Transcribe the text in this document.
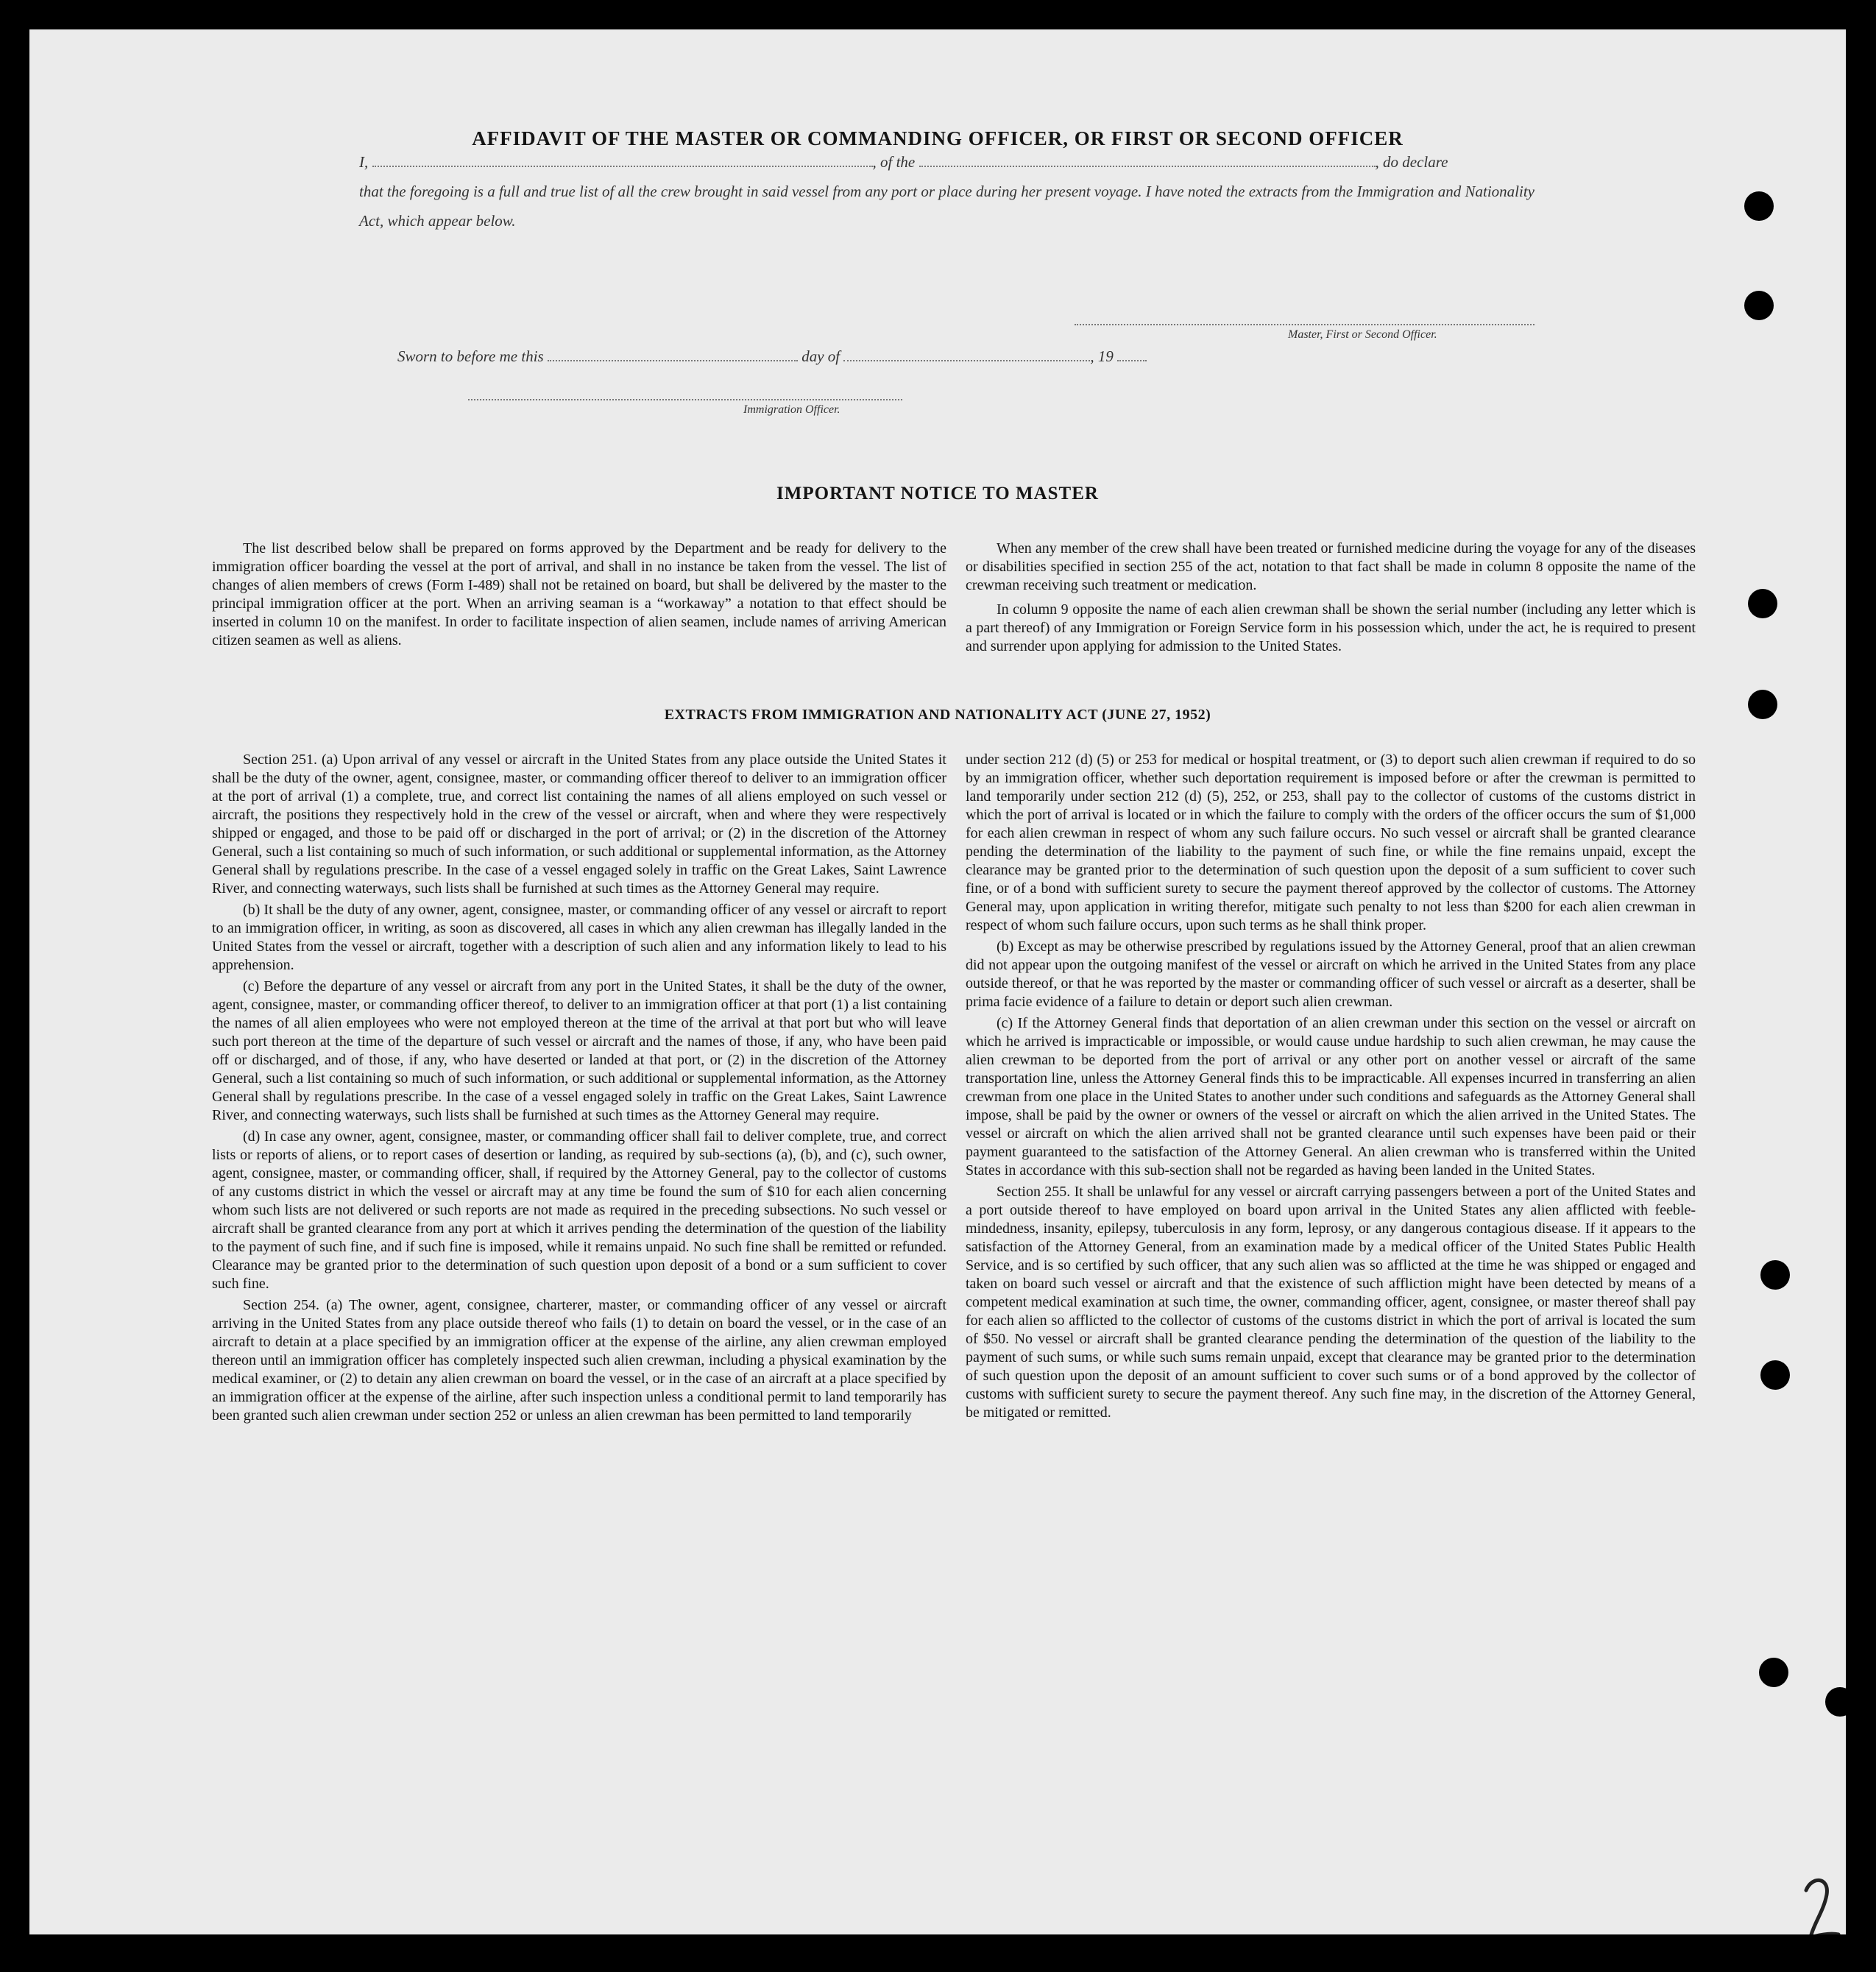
AFFIDAVIT OF THE MASTER OR COMMANDING OFFICER, OR FIRST OR SECOND OFFICER
I,	, of the	, do declare
that the foregoing is a full and true list of all the crew brought in said vessel from any port or place during her present voyage. I have noted the extracts from the Immigration and Nationality Act, which appear below.
Master, First or Second Officer.
Sworn to before me this	day of	, 19
Immigration Officer.
IMPORTANT NOTICE TO MASTER

The list described below shall be prepared on forms approved by the Department and be ready for delivery to the immigration officer boarding the vessel at the port of arrival, and shall in no instance be taken from the vessel. The list of changes of alien members of crews (Form I-489) shall not be retained on board, but shall be delivered by the master to the principal immigration officer at the port. When an arriving seaman is a “workaway” a notation to that effect should be inserted in column 10 on the manifest. In order to facilitate inspection of alien seamen, include names of arriving American citizen seamen as well as aliens.

When any member of the crew shall have been treated or furnished medicine during the voyage for any of the diseases or disabilities specified in section 255 of the act, notation to that fact shall be made in column 8 opposite the name of the crewman receiving such treatment or medication.

In column 9 opposite the name of each alien crewman shall be shown the serial number (including any letter which is a part thereof) of any Immigration or Foreign Service form in his possession which, under the act, he is required to present and surrender upon applying for admission to the United States.

EXTRACTS FROM IMMIGRATION AND NATIONALITY ACT (JUNE 27, 1952)

Section 251. (a) Upon arrival of any vessel or aircraft in the United States from any place outside the United States it shall be the duty of the owner, agent, consignee, master, or commanding officer thereof to deliver to an immigration officer at the port of arrival (1) a complete, true, and correct list containing the names of all aliens employed on such vessel or aircraft, the positions they respectively hold in the crew of the vessel or aircraft, when and where they were respectively shipped or engaged, and those to be paid off or discharged in the port of arrival; or (2) in the discretion of the Attorney General, such a list containing so much of such information, or such additional or supplemental information, as the Attorney General shall by regulations prescribe. In the case of a vessel engaged solely in traffic on the Great Lakes, Saint Lawrence River, and connecting waterways, such lists shall be furnished at such times as the Attorney General may require.

(b) It shall be the duty of any owner, agent, consignee, master, or commanding officer of any vessel or aircraft to report to an immigration officer, in writing, as soon as discovered, all cases in which any alien crewman has illegally landed in the United States from the vessel or aircraft, together with a description of such alien and any information likely to lead to his apprehension.

(c) Before the departure of any vessel or aircraft from any port in the United States, it shall be the duty of the owner, agent, consignee, master, or commanding officer thereof, to deliver to an immigration officer at that port (1) a list containing the names of all alien employees who were not employed thereon at the time of the arrival at that port but who will leave such port thereon at the time of the departure of such vessel or aircraft and the names of those, if any, who have been paid off or discharged, and of those, if any, who have deserted or landed at that port, or (2) in the discretion of the Attorney General, such a list containing so much of such information, or such additional or supplemental information, as the Attorney General shall by regulations prescribe. In the case of a vessel engaged solely in traffic on the Great Lakes, Saint Lawrence River, and connecting waterways, such lists shall be furnished at such times as the Attorney General may require.

(d) In case any owner, agent, consignee, master, or commanding officer shall fail to deliver complete, true, and correct lists or reports of aliens, or to report cases of desertion or landing, as required by sub-sections (a), (b), and (c), such owner, agent, consignee, master, or commanding officer, shall, if required by the Attorney General, pay to the collector of customs of any customs district in which the vessel or aircraft may at any time be found the sum of $10 for each alien concerning whom such lists are not delivered or such reports are not made as required in the preceding subsections. No such vessel or aircraft shall be granted clearance from any port at which it arrives pending the determination of the question of the liability to the payment of such fine, and if such fine is imposed, while it remains unpaid. No such fine shall be remitted or refunded. Clearance may be granted prior to the determination of such question upon deposit of a bond or a sum sufficient to cover such fine.

Section 254. (a) The owner, agent, consignee, charterer, master, or commanding officer of any vessel or aircraft arriving in the United States from any place outside thereof who fails (1) to detain on board the vessel, or in the case of an aircraft to detain at a place specified by an immigration officer at the expense of the airline, any alien crewman employed thereon until an immigration officer has completely inspected such alien crewman, including a physical examination by the medical examiner, or (2) to detain any alien crewman on board the vessel, or in the case of an aircraft at a place specified by an immigration officer at the expense of the airline, after such inspection unless a conditional permit to land temporarily has been granted such alien crewman under section 252 or unless an alien crewman has been permitted to land temporarily

under section 212 (d) (5) or 253 for medical or hospital treatment, or (3) to deport such alien crewman if required to do so by an immigration officer, whether such deportation requirement is imposed before or after the crewman is permitted to land temporarily under section 212 (d) (5), 252, or 253, shall pay to the collector of customs of the customs district in which the port of arrival is located or in which the failure to comply with the orders of the officer occurs the sum of $1,000 for each alien crewman in respect of whom any such failure occurs. No such vessel or aircraft shall be granted clearance pending the determination of the liability to the payment of such fine, or while the fine remains unpaid, except the clearance may be granted prior to the determination of such question upon the deposit of a sum sufficient to cover such fine, or of a bond with sufficient surety to secure the payment thereof approved by the collector of customs. The Attorney General may, upon application in writing therefor, mitigate such penalty to not less than $200 for each alien crewman in respect of whom such failure occurs, upon such terms as he shall think proper.

(b) Except as may be otherwise prescribed by regulations issued by the Attorney General, proof that an alien crewman did not appear upon the outgoing manifest of the vessel or aircraft on which he arrived in the United States from any place outside thereof, or that he was reported by the master or commanding officer of such vessel or aircraft as a deserter, shall be prima facie evidence of a failure to detain or deport such alien crewman.

(c) If the Attorney General finds that deportation of an alien crewman under this section on the vessel or aircraft on which he arrived is impracticable or impossible, or would cause undue hardship to such alien crewman, he may cause the alien crewman to be deported from the port of arrival or any other port on another vessel or aircraft of the same transportation line, unless the Attorney General finds this to be impracticable. All expenses incurred in transferring an alien crewman from one place in the United States to another under such conditions and safeguards as the Attorney General shall impose, shall be paid by the owner or owners of the vessel or aircraft on which the alien arrived in the United States. The vessel or aircraft on which the alien arrived shall not be granted clearance until such expenses have been paid or their payment guaranteed to the satisfaction of the Attorney General. An alien crewman who is transferred within the United States in accordance with this sub-section shall not be regarded as having been landed in the United States.

Section 255. It shall be unlawful for any vessel or aircraft carrying passengers between a port of the United States and a port outside thereof to have employed on board upon arrival in the United States any alien afflicted with feeble-mindedness, insanity, epilepsy, tuberculosis in any form, leprosy, or any dangerous contagious disease. If it appears to the satisfaction of the Attorney General, from an examination made by a medical officer of the United States Public Health Service, and is so certified by such officer, that any such alien was so afflicted at the time he was shipped or engaged and taken on board such vessel or aircraft and that the existence of such affliction might have been detected by means of a competent medical examination at such time, the owner, commanding officer, agent, consignee, or master thereof shall pay for each alien so afflicted to the collector of customs of the customs district in which the port of arrival is located the sum of $50. No vessel or aircraft shall be granted clearance pending the determination of the question of the liability to the payment of such sums, or while such sums remain unpaid, except that clearance may be granted prior to the determination of such question upon the deposit of an amount sufficient to cover such sums or of a bond approved by the collector of customs with sufficient surety to secure the payment thereof. Any such fine may, in the discretion of the Attorney General, be mitigated or remitted.
